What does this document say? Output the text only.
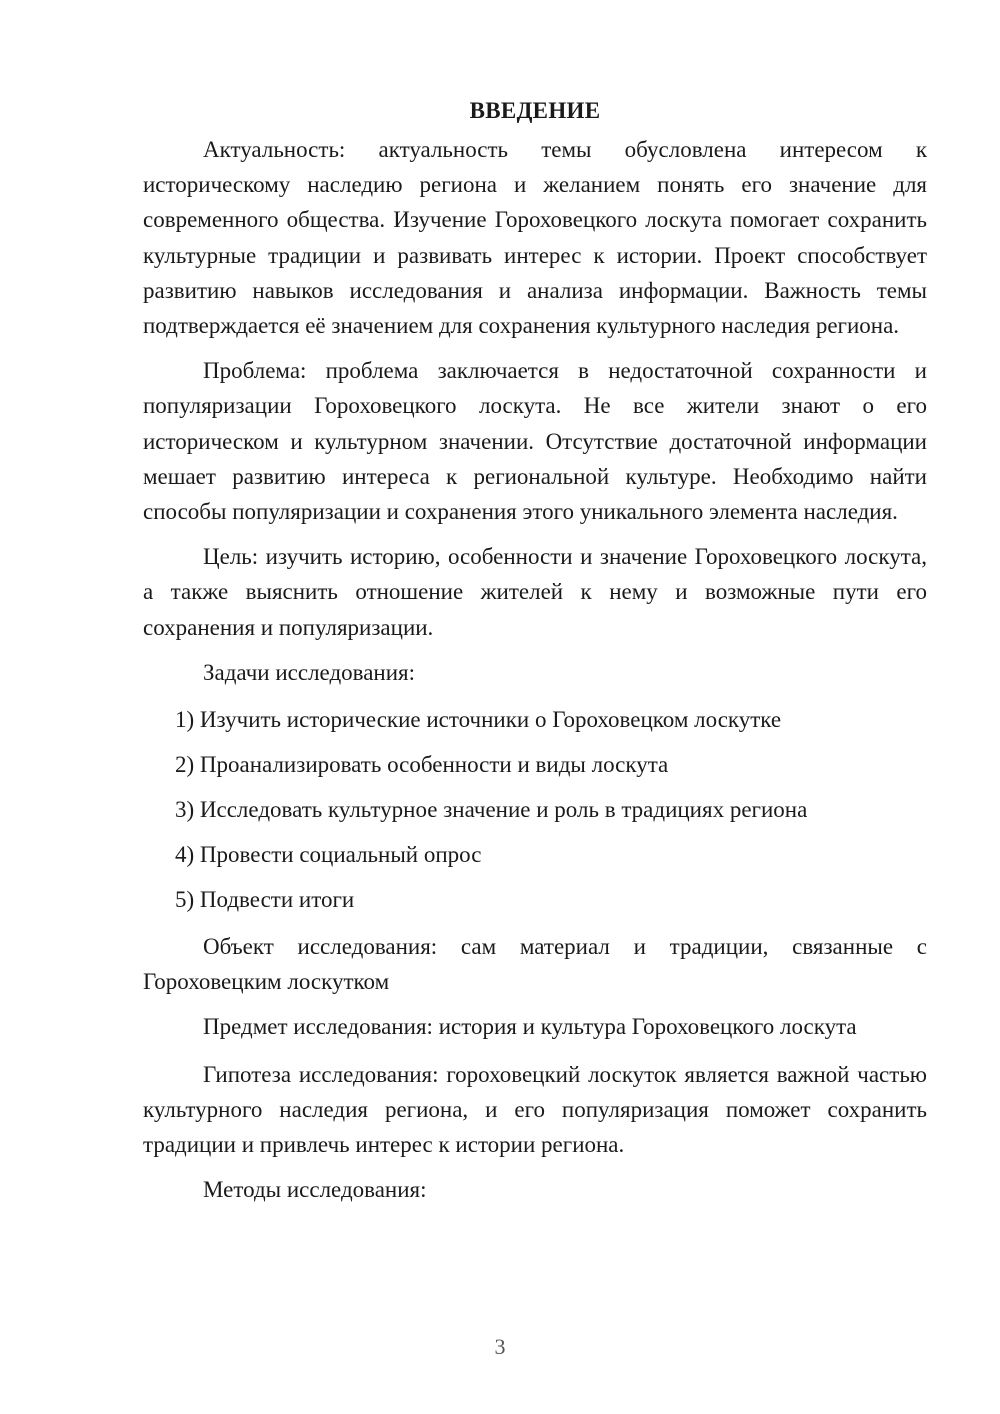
ВВЕДЕНИЕ

Актуальность: актуальность темы обусловлена интересом к историческому наследию региона и желанием понять его значение для современного общества. Изучение Гороховецкого лоскута помогает сохранить культурные традиции и развивать интерес к истории. Проект способствует развитию навыков исследования и анализа информации. Важность темы подтверждается её значением для сохранения культурного наследия региона.

Проблема: проблема заключается в недостаточной сохранности и популяризации Гороховецкого лоскута. Не все жители знают о его историческом и культурном значении. Отсутствие достаточной информации мешает развитию интереса к региональной культуре. Необходимо найти способы популяризации и сохранения этого уникального элемента наследия.

Цель: изучить историю, особенности и значение Гороховецкого лоскута, а также выяснить отношение жителей к нему и возможные пути его сохранения и популяризации.

Задачи исследования:

1) Изучить исторические источники о Гороховецком лоскутке
2) Проанализировать особенности и виды лоскута
3) Исследовать культурное значение и роль в традициях региона
4) Провести социальный опрос
5) Подвести итоги

Объект исследования: сам материал и традиции, связанные с Гороховецким лоскутком

Предмет исследования: история и культура Гороховецкого лоскута

Гипотеза исследования: гороховецкий лоскуток является важной частью культурного наследия региона, и его популяризация поможет сохранить традиции и привлечь интерес к истории региона.

Методы исследования:

3
